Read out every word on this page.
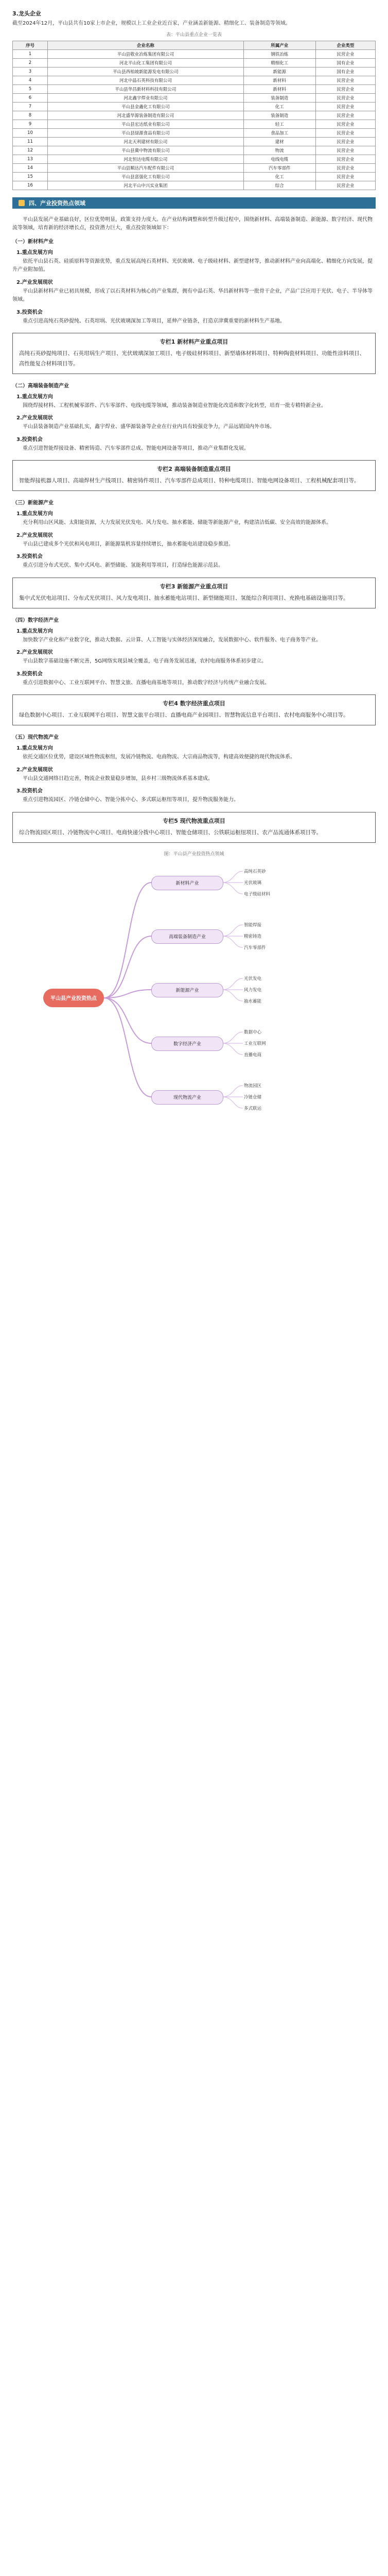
3.龙头企业
截至2024年12月，平山县共有10家上市企业，规模以上工业企业近百家，产业涵盖新能源、精细化工、装备制造等领域。
表：平山县重点企业一览表
序号	企业名称	所属产业	企业类型
1	平山县敬业冶炼集团有限公司	钢铁冶炼	民营企业
2	河北平山化工集团有限公司	精细化工	国有企业
3	平山县西柏坡新能源发电有限公司	新能源	国有企业
4	河北中晶石英科技有限公司	新材料	民营企业
5	平山县华昌新材料科技有限公司	新材料	民营企业
6	河北鑫宇焊业有限公司	装备制造	民营企业
7	平山县金鑫化工有限公司	化工	民营企业
8	河北盛华源装备制造有限公司	装备制造	民营企业
9	平山县宏达纸业有限公司	轻工	民营企业
10	平山县绿源食品有限公司	食品加工	民营企业
11	河北天利建材有限公司	建材	民营企业
12	平山县冀中物流有限公司	物流	民营企业
13	河北恒达电缆有限公司	电线电缆	民营企业
14	平山县顺达汽车配件有限公司	汽车零部件	民营企业
15	平山县富强化工有限公司	化工	民营企业
16	河北平山中兴实业集团	综合	民营企业
四、产业投资热点领域

平山县发展产业基础良好，区位优势明显，政策支持力度大。在产业结构调整和转型升级过程中，围绕新材料、高端装备制造、新能源、数字经济、现代物流等领域，培育新的经济增长点，投资潜力巨大，重点投资领域如下：

（一）新材料产业
1.重点发展方向

依托平山县石英、硅质原料等资源优势，重点发展高纯石英材料、光伏玻璃、电子级硅材料、新型建材等，推动新材料产业向高端化、精细化方向发展，提升产业附加值。

2.产业发展现状

平山县新材料产业已初具规模，形成了以石英材料为核心的产业集群，拥有中晶石英、华昌新材料等一批骨干企业，产品广泛应用于光伏、电子、半导体等领域。

3.投资机会

重点引进高纯石英砂提纯、石英坩埚、光伏玻璃深加工等项目，延伸产业链条，打造京津冀重要的新材料生产基地。

专栏1 新材料产业重点项目
高纯石英砂提纯项目、石英坩埚生产项目、光伏玻璃深加工项目、电子级硅材料项目、新型墙体材料项目、特种陶瓷材料项目、功能性涂料项目、高性能复合材料项目等。
（二）高端装备制造产业
1.重点发展方向

围绕焊接材料、工程机械零部件、汽车零部件、电线电缆等领域，推动装备制造业智能化改造和数字化转型，培育一批专精特新企业。

2.产业发展现状

平山县装备制造产业基础扎实，鑫宇焊业、盛华源装备等企业在行业内具有较强竞争力，产品远销国内外市场。

3.投资机会

重点引进智能焊接设备、精密铸造、汽车零部件总成、智能电网设备等项目，推动产业集群化发展。

专栏2 高端装备制造重点项目
智能焊接机器人项目、高端焊材生产线项目、精密铸件项目、汽车零部件总成项目、特种电缆项目、智能电网设备项目、工程机械配套项目等。
（三）新能源产业
1.重点发展方向

充分利用山区风能、太阳能资源，大力发展光伏发电、风力发电、抽水蓄能、储能等新能源产业，构建清洁低碳、安全高效的能源体系。

2.产业发展现状

平山县已建成多个光伏和风电项目，新能源装机容量持续增长，抽水蓄能电站建设稳步推进。

3.投资机会

重点引进分布式光伏、集中式风电、新型储能、氢能利用等项目，打造绿色能源示范县。

专栏3 新能源产业重点项目
集中式光伏电站项目、分布式光伏项目、风力发电项目、抽水蓄能电站项目、新型储能项目、氢能综合利用项目、充换电基础设施项目等。
（四）数字经济产业
1.重点发展方向

加快数字产业化和产业数字化，推动大数据、云计算、人工智能与实体经济深度融合，发展数据中心、软件服务、电子商务等产业。

2.产业发展现状

平山县数字基础设施不断完善，5G网络实现县城全覆盖，电子商务发展迅速，农村电商服务体系初步建立。

3.投资机会

重点引进数据中心、工业互联网平台、智慧文旅、直播电商基地等项目，推动数字经济与传统产业融合发展。

专栏4 数字经济重点项目
绿色数据中心项目、工业互联网平台项目、智慧文旅平台项目、直播电商产业园项目、智慧物流信息平台项目、农村电商服务中心项目等。
（五）现代物流产业
1.重点发展方向

依托交通区位优势，建设区域性物流枢纽，发展冷链物流、电商物流、大宗商品物流等，构建高效便捷的现代物流体系。

2.产业发展现状

平山县交通网络日趋完善，物流企业数量稳步增加，县乡村三级物流体系基本建成。

3.投资机会

重点引进物流园区、冷链仓储中心、智能分拣中心、多式联运枢纽等项目，提升物流服务能力。

专栏5 现代物流重点项目
综合物流园区项目、冷链物流中心项目、电商快递分拨中心项目、智能仓储项目、公铁联运枢纽项目、农产品流通体系项目等。
图：平山县产业投资热点领域
平山县产业投资热点
新材料产业
高纯石英砂
光伏玻璃
电子级硅材料
高端装备制造产业
智能焊接
精密铸造
汽车零部件
新能源产业
光伏发电
风力发电
抽水蓄能
数字经济产业
数据中心
工业互联网
直播电商
现代物流产业
物流园区
冷链仓储
多式联运
